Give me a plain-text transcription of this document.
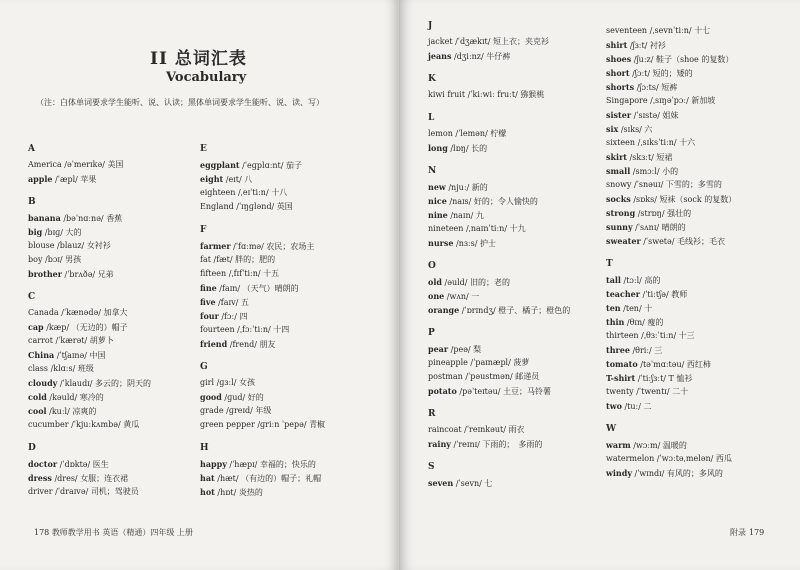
II 总词汇表
Vocabulary
（注：白体单词要求学生能听、说、认读；黑体单词要求学生能听、说、读、写）
A
America /əˈmerɪkə/ 美国
apple /ˈæpl/ 苹果
B
banana /bəˈnɑːnə/ 香蕉
big /bɪɡ/ 大的
blouse /blauz/ 女衬衫
boy /bɔɪ/ 男孩
brother /ˈbrʌðə/ 兄弟
C
Canada /ˈkænədə/ 加拿大
cap /kæp/ （无边的）帽子
carrot /ˈkærət/ 胡萝卜
China /ˈtʃaɪnə/ 中国
class /klɑːs/ 班级
cloudy /ˈklaudɪ/ 多云的；阴天的
cold /kəuld/ 寒冷的
cool /kuːl/ 凉爽的
cucumber /ˈkjuːkʌmbə/ 黄瓜
D
doctor /ˈdɒktə/ 医生
dress /dres/ 女服；连衣裙
driver /ˈdraɪvə/ 司机；驾驶员
E
eggplant /ˈeɡplɑːnt/ 茄子
eight /eɪt/ 八
eighteen /ˌeɪˈtiːn/ 十八
England /ˈɪŋɡlənd/ 英国
F
farmer /ˈfɑːmə/ 农民；农场主
fat /fæt/ 胖的；肥的
fifteen /ˌfɪfˈtiːn/ 十五
fine /faɪn/ （天气）晴朗的
five /faɪv/ 五
four /fɔː/ 四
fourteen /ˌfɔːˈtiːn/ 十四
friend /frend/ 朋友
G
girl /ɡɜːl/ 女孩
good /ɡud/ 好的
grade /ɡreɪd/ 年级
green pepper /ɡriːn ˈpepə/ 青椒
H
happy /ˈhæpɪ/ 幸福的；快乐的
hat /hæt/ （有边的）帽子；礼帽
hot /hɒt/ 炎热的
178 教师教学用书 英语（精通）四年级 上册
J
jacket /ˈdʒækɪt/ 短上衣；夹克衫
jeans /dʒiːnz/ 牛仔裤
K
kiwi fruit /ˈkiːwiː fruːt/ 猕猴桃
L
lemon /ˈlemən/ 柠檬
long /lɒŋ/ 长的
N
new /njuː/ 新的
nice /naɪs/ 好的；令人愉快的
nine /naɪn/ 九
nineteen /ˌnaɪnˈtiːn/ 十九
nurse /nɜːs/ 护士
O
old /əuld/ 旧的；老的
one /wʌn/ 一
orange /ˈɒrɪndʒ/ 橙子、橘子；橙色的
P
pear /peə/ 梨
pineapple /ˈpaɪnæpl/ 菠萝
postman /ˈpəustmən/ 邮递员
potato /pəˈteɪtəu/ 土豆；马铃薯
R
raincoat /ˈreɪnkəut/ 雨衣
rainy /ˈreɪnɪ/ 下雨的；　多雨的
S
seven /ˈsevn/ 七
seventeen /ˌsevnˈtiːn/ 十七
shirt /ʃɜːt/ 衬衫
shoes /ʃuːz/ 鞋子（shoe 的复数）
short /ʃɔːt/ 短的；矮的
shorts /ʃɔːts/ 短裤
Singapore /ˌsɪŋəˈpɔː/ 新加坡
sister /ˈsɪstə/ 姐妹
six /sɪks/ 六
sixteen /ˌsɪksˈtiːn/ 十六
skirt /skɜːt/ 短裙
small /smɔːl/ 小的
snowy /ˈsnəuɪ/ 下雪的；多雪的
socks /sɒks/ 短袜（sock 的复数）
strong /strɒŋ/ 强壮的
sunny /ˈsʌnɪ/ 晴朗的
sweater /ˈswetə/ 毛线衫；毛衣
T
tall /tɔːl/ 高的
teacher /ˈtiːtʃə/ 教师
ten /ten/ 十
thin /θɪn/ 瘦的
thirteen /ˌθɜːˈtiːn/ 十三
three /θriː/ 三
tomato /təˈmɑːtəu/ 西红柿
T-shirt /ˈtiːʃɜːt/ T 恤衫
twenty /ˈtwentɪ/ 二十
two /tuː/ 二
W
warm /wɔːm/ 温暖的
watermelon /ˈwɔːtəˌmelən/ 西瓜
windy /ˈwɪndɪ/ 有风的；多风的
附录 179
